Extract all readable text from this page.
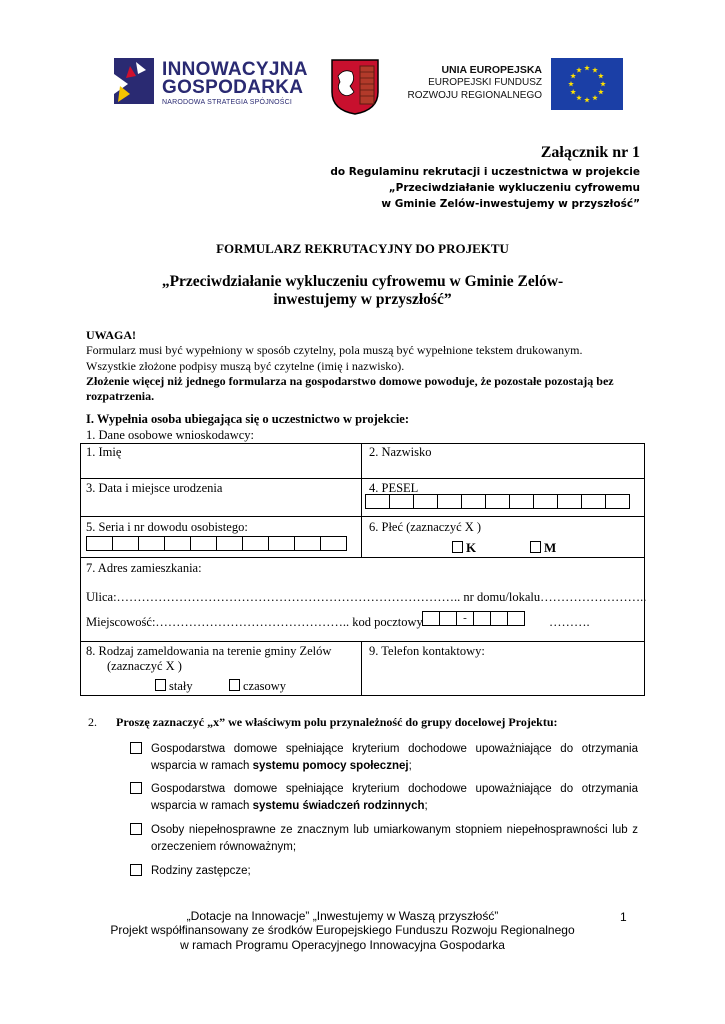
INNOWACYJNA
GOSPODARKA
NARODOWA STRATEGIA SPÓJNOŚCI
UNIA EUROPEJSKA
EUROPEJSKI FUNDUSZ
ROZWOJU REGIONALNEGO
Załącznik nr 1
do Regulaminu rekrutacji i uczestnictwa w projekcie
„Przeciwdziałanie wykluczeniu cyfrowemu
w Gminie Zelów-inwestujemy w przyszłość”
FORMULARZ REKRUTACYJNY DO PROJEKTU
„Przeciwdziałanie wykluczeniu cyfrowemu w Gminie Zelów-
inwestujemy w przyszłość”
UWAGA!
Formularz musi być wypełniony w sposób czytelny, pola muszą być wypełnione tekstem drukowanym.
Wszystkie złożone podpisy muszą być czytelne (imię i nazwisko).
Złożenie więcej niż jednego formularza na gospodarstwo domowe powoduje, że pozostałe pozostają bez
rozpatrzenia.
I. Wypełnia osoba ubiegająca się o uczestnictwo w projekcie:
1. Dane osobowe wnioskodawcy:
1. Imię	2. Nazwisko
3. Data i miejsce urodzenia	4. PESEL
5. Seria i nr dowodu osobistego:	6. Płeć (zaznaczyć X )
K	M
7. Adres zamieszkania:
Ulica:……………………………………………………………………….. nr domu/lokalu……………………..
Miejscowość:……………………………………….. kod pocztowy	-	……….
8. Rodzaj zameldowania na terenie gminy Zelów
(zaznaczyć X )
stały	czasowy
9. Telefon kontaktowy:
2. Proszę zaznaczyć „x” we właściwym polu przynależność do grupy docelowej Projektu:
Gospodarstwa domowe spełniające kryterium dochodowe upoważniające do otrzymania wsparcia w ramach systemu pomocy społecznej;
Gospodarstwa domowe spełniające kryterium dochodowe upoważniające do otrzymania wsparcia w ramach systemu świadczeń rodzinnych;
Osoby niepełnosprawne ze znacznym lub umiarkowanym stopniem niepełnosprawności lub z orzeczeniem równoważnym;
Rodziny zastępcze;
„Dotacje na Innowacje” „Inwestujemy w Waszą przyszłość”
Projekt współfinansowany ze środków Europejskiego Funduszu Rozwoju Regionalnego
w ramach Programu Operacyjnego Innowacyjna Gospodarka
1
